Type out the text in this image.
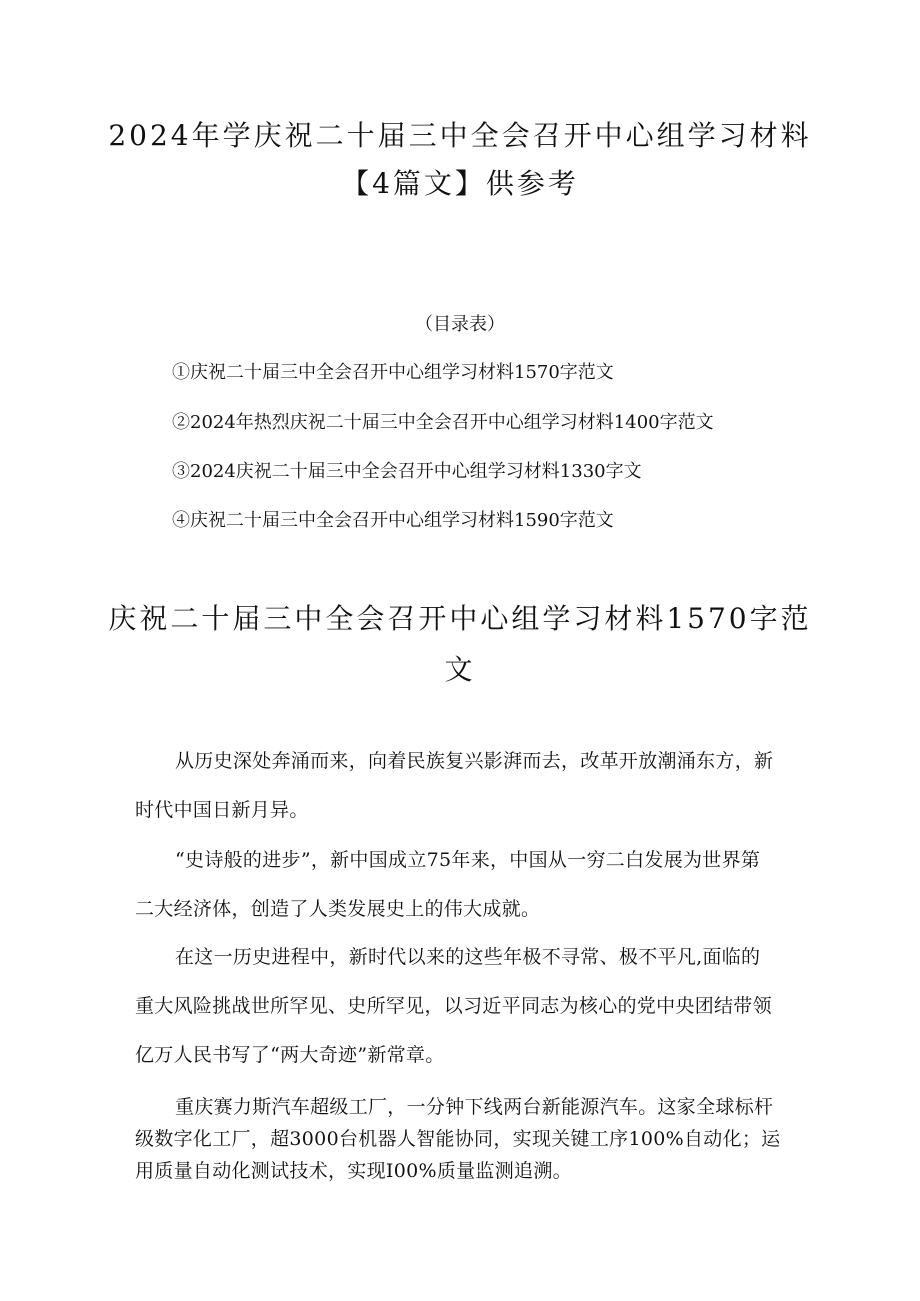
2024年学庆祝二十届三中全会召开中心组学习材料
【4篇文】供参考

（目录表）

①庆祝二十届三中全会召开中心组学习材料1570字范文

②2024年热烈庆祝二十届三中全会召开中心组学习材料1400字范文

③2024庆祝二十届三中全会召开中心组学习材料1330字文

④庆祝二十届三中全会召开中心组学习材料1590字范文

庆祝二十届三中全会召开中心组学习材料1570字范
文

从历史深处奔涌而来，向着民族复兴影湃而去，改革开放潮涌东方，新

时代中国日新月异。

“史诗般的进步”，新中国成立75年来，中国从一穷二白发展为世界第

二大经济体，创造了人类发展史上的伟大成就。

在这一历史进程中，新时代以来的这些年极不寻常、极不平凡,面临的

重大风险挑战世所罕见、史所罕见，以习近平同志为核心的党中央团结带领

亿万人民书写了“两大奇迹”新常章。

重庆赛力斯汽车超级工厂，一分钟下线两台新能源汽车。这家全球标杆

级数字化工厂，超3000台机器人智能协同，实现关键工序100%自动化；运

用质量自动化测试技术，实现I00%质量监测追溯。
